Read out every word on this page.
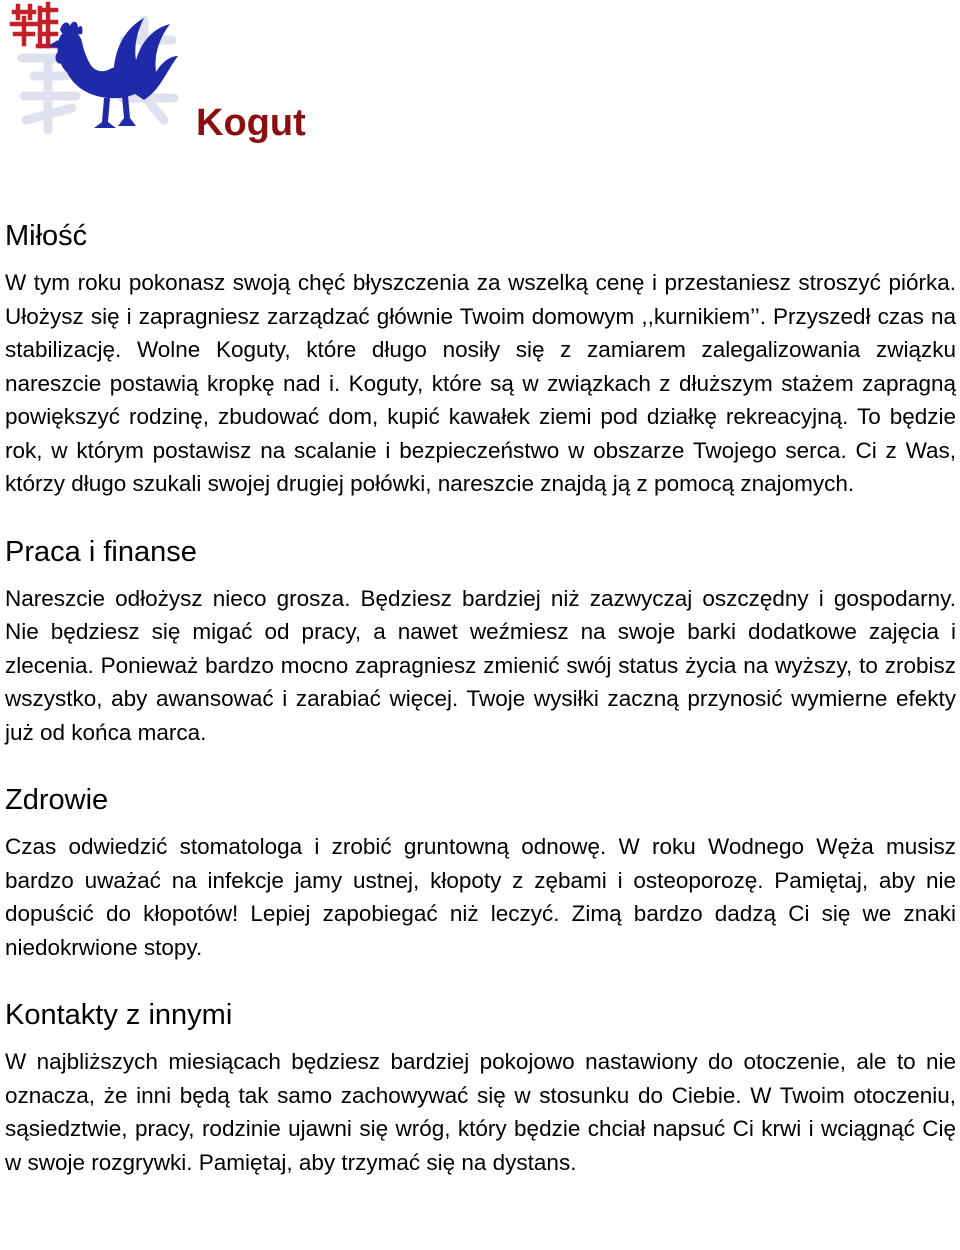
Kogut
Miłość

W tym roku pokonasz swoją chęć błyszczenia za wszelką cenę i przestaniesz stroszyć piórka. Ułożysz się i zapragniesz zarządzać głównie Twoim domowym ,,kurnikiem’’. Przyszedł czas na stabilizację. Wolne Koguty, które długo nosiły się z zamiarem zalegalizowania związku nareszcie postawią kropkę nad i. Koguty, które są w związkach z dłuższym stażem zapragną powiększyć rodzinę, zbudować dom, kupić kawałek ziemi pod działkę rekreacyjną. To będzie rok, w którym postawisz na scalanie i bezpieczeństwo w obszarze Twojego serca. Ci z Was, którzy długo szukali swojej drugiej połówki, nareszcie znajdą ją z pomocą znajomych.

Praca i finanse

Nareszcie odłożysz nieco grosza. Będziesz bardziej niż zazwyczaj oszczędny i gospodarny. Nie będziesz się migać od pracy, a nawet weźmiesz na swoje barki dodatkowe zajęcia i zlecenia. Ponieważ bardzo mocno zapragniesz zmienić swój status życia na wyższy, to zrobisz wszystko, aby awansować i zarabiać więcej. Twoje wysiłki zaczną przynosić wymierne efekty już od końca marca.

Zdrowie

Czas odwiedzić stomatologa i zrobić gruntowną odnowę. W roku Wodnego Węża musisz bardzo uważać na infekcje jamy ustnej, kłopoty z zębami i osteoporozę. Pamiętaj, aby nie dopuścić do kłopotów! Lepiej zapobiegać niż leczyć. Zimą bardzo dadzą Ci się we znaki niedokrwione stopy.

Kontakty z innymi

W najbliższych miesiącach będziesz bardziej pokojowo nastawiony do otoczenie, ale to nie oznacza, że inni będą tak samo zachowywać się w stosunku do Ciebie. W Twoim otoczeniu, sąsiedztwie, pracy, rodzinie ujawni się wróg, który będzie chciał napsuć Ci krwi i wciągnąć Cię w swoje rozgrywki. Pamiętaj, aby trzymać się na dystans.
